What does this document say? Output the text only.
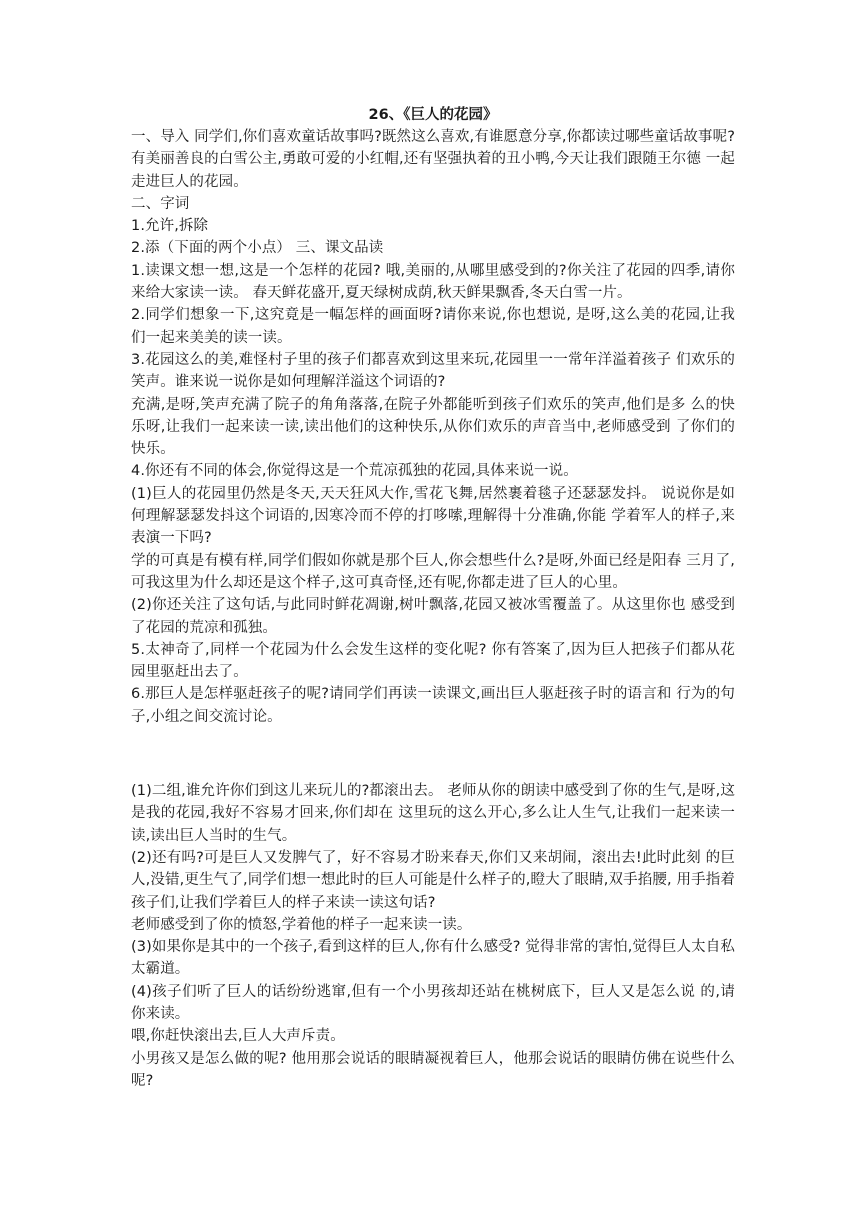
26、《巨人的花园》

一、导入 同学们,你们喜欢童话故事吗?既然这么喜欢,有谁愿意分享,你都读过哪些童话故事呢? 有美丽善良的白雪公主,勇敢可爱的小红帽,还有坚强执着的丑小鸭,今天让我们跟随王尔德 一起走进巨人的花园。

二、字词

1.允许,拆除

2.添（下面的两个小点） 三、课文品读

1.读课文想一想,这是一个怎样的花园? 哦,美丽的,从哪里感受到的?你关注了花园的四季,请你来给大家读一读。 春天鲜花盛开,夏天绿树成荫,秋天鲜果飘香,冬天白雪一片。

2.同学们想象一下,这究竟是一幅怎样的画面呀?请你来说,你也想说, 是呀,这么美的花园,让我们一起来美美的读一读。

3.花园这么的美,难怪村子里的孩子们都喜欢到这里来玩,花园里一一常年洋溢着孩子 们欢乐的笑声。谁来说一说你是如何理解洋溢这个词语的?

充满,是呀,笑声充满了院子的角角落落,在院子外都能听到孩子们欢乐的笑声,他们是多 么的快乐呀,让我们一起来读一读,读出他们的这种快乐,从你们欢乐的声音当中,老师感受到 了你们的快乐。

4.你还有不同的体会,你觉得这是一个荒凉孤独的花园,具体来说一说。

(1)巨人的花园里仍然是冬天,天天狂风大作,雪花飞舞,居然裹着毯子还瑟瑟发抖。 说说你是如何理解瑟瑟发抖这个词语的,因寒冷而不停的打哆嗦,理解得十分准确,你能 学着军人的样子,来表演一下吗?

学的可真是有模有样,同学们假如你就是那个巨人,你会想些什么?是呀,外面已经是阳春 三月了, 可我这里为什么却还是这个样子,这可真奇怪,还有呢,你都走进了巨人的心里。

(2)你还关注了这句话,与此同时鲜花凋谢,树叶飘落,花园又被冰雪覆盖了。从这里你也 感受到了花园的荒凉和孤独。

5.太神奇了,同样一个花园为什么会发生这样的变化呢? 你有答案了,因为巨人把孩子们都从花园里驱赶出去了。

6.那巨人是怎样驱赶孩子的呢?请同学们再读一读课文,画出巨人驱赶孩子时的语言和 行为的句子,小组之间交流讨论。

(1)二组,谁允许你们到这儿来玩儿的?都滚出去。 老师从你的朗读中感受到了你的生气,是呀,这是我的花园,我好不容易才回来,你们却在 这里玩的这么开心,多么让人生气,让我们一起来读一读,读出巨人当时的生气。

(2)还有吗?可是巨人又发脾气了，好不容易才盼来春天,你们又来胡闹，滚出去!此时此刻 的巨人,没错,更生气了,同学们想一想此时的巨人可能是什么样子的,瞪大了眼睛,双手掐腰, 用手指着孩子们,让我们学着巨人的样子来读一读这句话?

老师感受到了你的愤怒,学着他的样子一起来读一读。

(3)如果你是其中的一个孩子,看到这样的巨人,你有什么感受? 觉得非常的害怕,觉得巨人太自私太霸道。

(4)孩子们听了巨人的话纷纷逃窜,但有一个小男孩却还站在桃树底下，巨人又是怎么说 的,请你来读。

喂,你赶快滚出去,巨人大声斥责。

小男孩又是怎么做的呢? 他用那会说话的眼睛凝视着巨人，他那会说话的眼睛仿佛在说些什么呢?
